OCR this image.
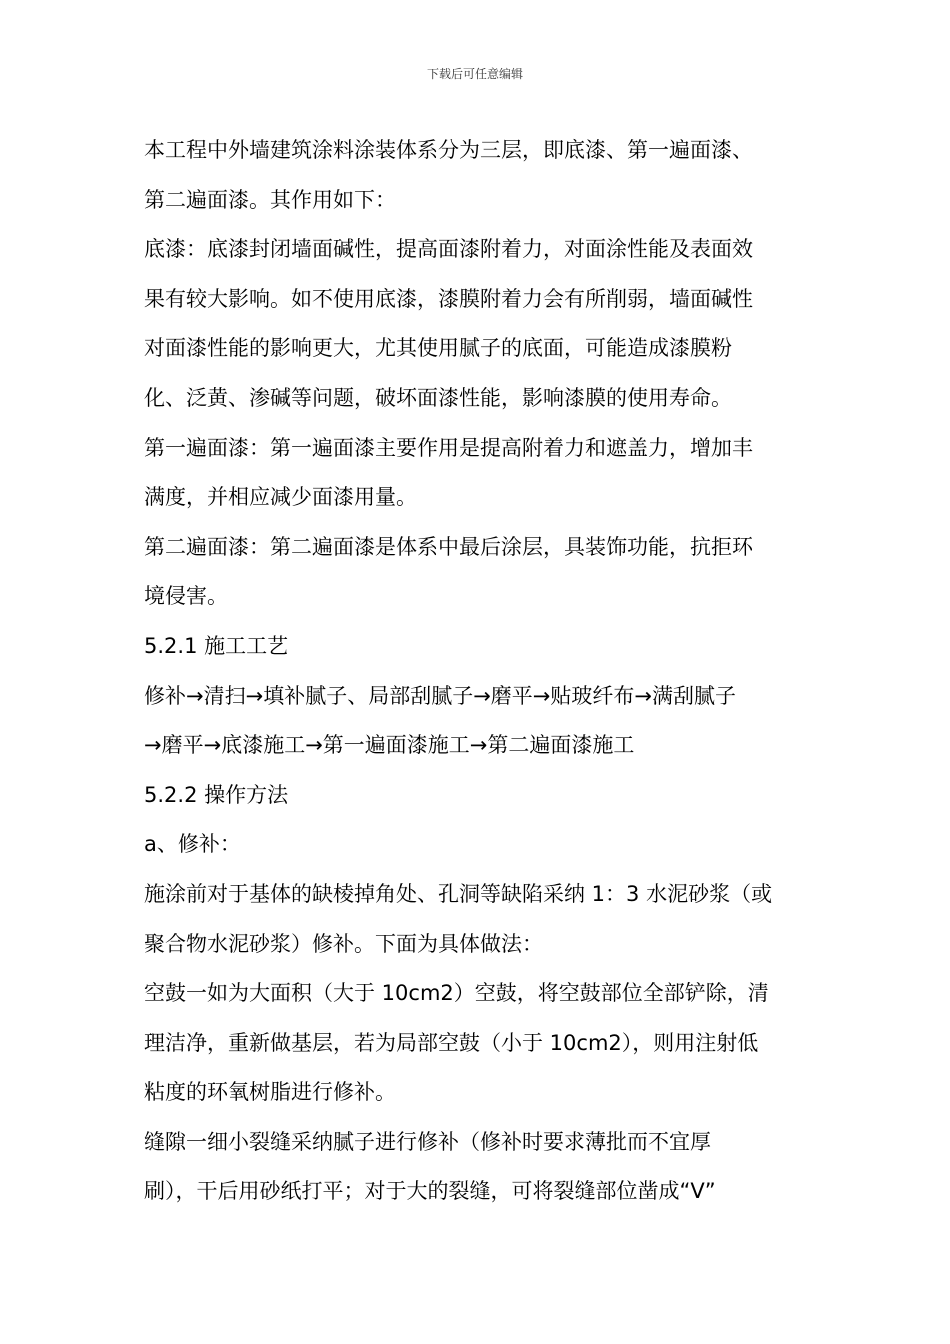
下载后可任意编辑
本工程中外墙建筑涂料涂装体系分为三层，即底漆、第一遍面漆、
第二遍面漆。其作用如下：
底漆：底漆封闭墙面碱性，提高面漆附着力，对面涂性能及表面效
果有较大影响。如不使用底漆，漆膜附着力会有所削弱，墙面碱性
对面漆性能的影响更大，尤其使用腻子的底面，可能造成漆膜粉
化、泛黄、渗碱等问题，破坏面漆性能，影响漆膜的使用寿命。
第一遍面漆：第一遍面漆主要作用是提高附着力和遮盖力，增加丰
满度，并相应减少面漆用量。
第二遍面漆：第二遍面漆是体系中最后涂层，具装饰功能，抗拒环
境侵害。
5.2.1 施工工艺
修补→清扫→填补腻子、局部刮腻子→磨平→贴玻纤布→满刮腻子
→磨平→底漆施工→第一遍面漆施工→第二遍面漆施工
5.2.2 操作方法
a、修补：
施涂前对于基体的缺棱掉角处、孔洞等缺陷采纳 1：3 水泥砂浆（或
聚合物水泥砂浆）修补。下面为具体做法：
空鼓一如为大面积（大于 10cm2）空鼓，将空鼓部位全部铲除，清
理洁净，重新做基层，若为局部空鼓（小于 10cm2），则用注射低
粘度的环氧树脂进行修补。
缝隙一细小裂缝采纳腻子进行修补（修补时要求薄批而不宜厚
刷），干后用砂纸打平；对于大的裂缝，可将裂缝部位凿成“V”
